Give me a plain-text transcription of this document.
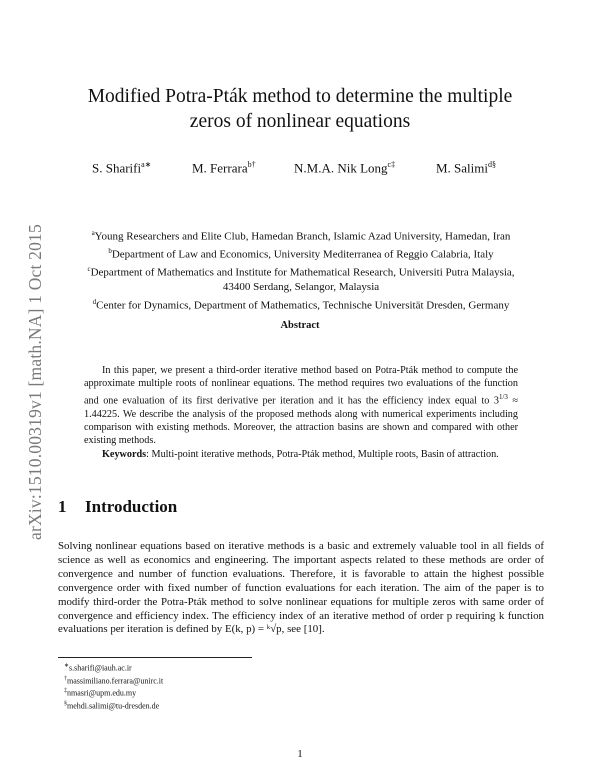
arXiv:1510.00319v1 [math.NA] 1 Oct 2015
Modified Potra-Pták method to determine the multiple
zeros of nonlinear equations
S. Sharifi$^{a∗}$	M. Ferrara$^{b\dagger}$	N.M.A. Nik Long$^{c\ddagger}$	M. Salimi$^{d\S}$
$^a$Young Researchers and Elite Club, Hamedan Branch, Islamic Azad University, Hamedan, Iran
$^b$Department of Law and Economics, University Mediterranea of Reggio Calabria, Italy
$^c$Department of Mathematics and Institute for Mathematical Research, Universiti Putra Malaysia, 43400 Serdang, Selangor, Malaysia
$^d$Center for Dynamics, Department of Mathematics, Technische Universität Dresden, Germany
Abstract

In this paper, we present a third-order iterative method based on Potra-Pták method to compute the approximate multiple roots of nonlinear equations. The method requires two evaluations of the function and one evaluation of its first derivative per iteration and it has the efficiency index equal to $3^{1/3} \approx 1.44225$. We describe the analysis of the proposed methods along with numerical experiments including comparison with existing methods. Moreover, the attraction basins are shown and compared with other existing methods.

Keywords: Multi-point iterative methods, Potra-Pták method, Multiple roots, Basin of attraction.

1 Introduction

Solving nonlinear equations based on iterative methods is a basic and extremely valuable tool in all fields of science as well as economics and engineering. The important aspects related to these methods are order of convergence and number of function evaluations. Therefore, it is favorable to attain the highest possible convergence order with fixed number of function evaluations for each iteration. The aim of the paper is to modify third-order the Potra-Pták method to solve nonlinear equations for multiple zeros with same order of convergence and efficiency index. The efficiency index of an iterative method of order p requiring k function evaluations per iteration is defined by E(k, p) = ᵏ√p, see [10].

∗s.sharifi@iauh.ac.ir
†massimiliano.ferrara@unirc.it
‡nmasri@upm.edu.my
§mehdi.salimi@tu-dresden.de
1
